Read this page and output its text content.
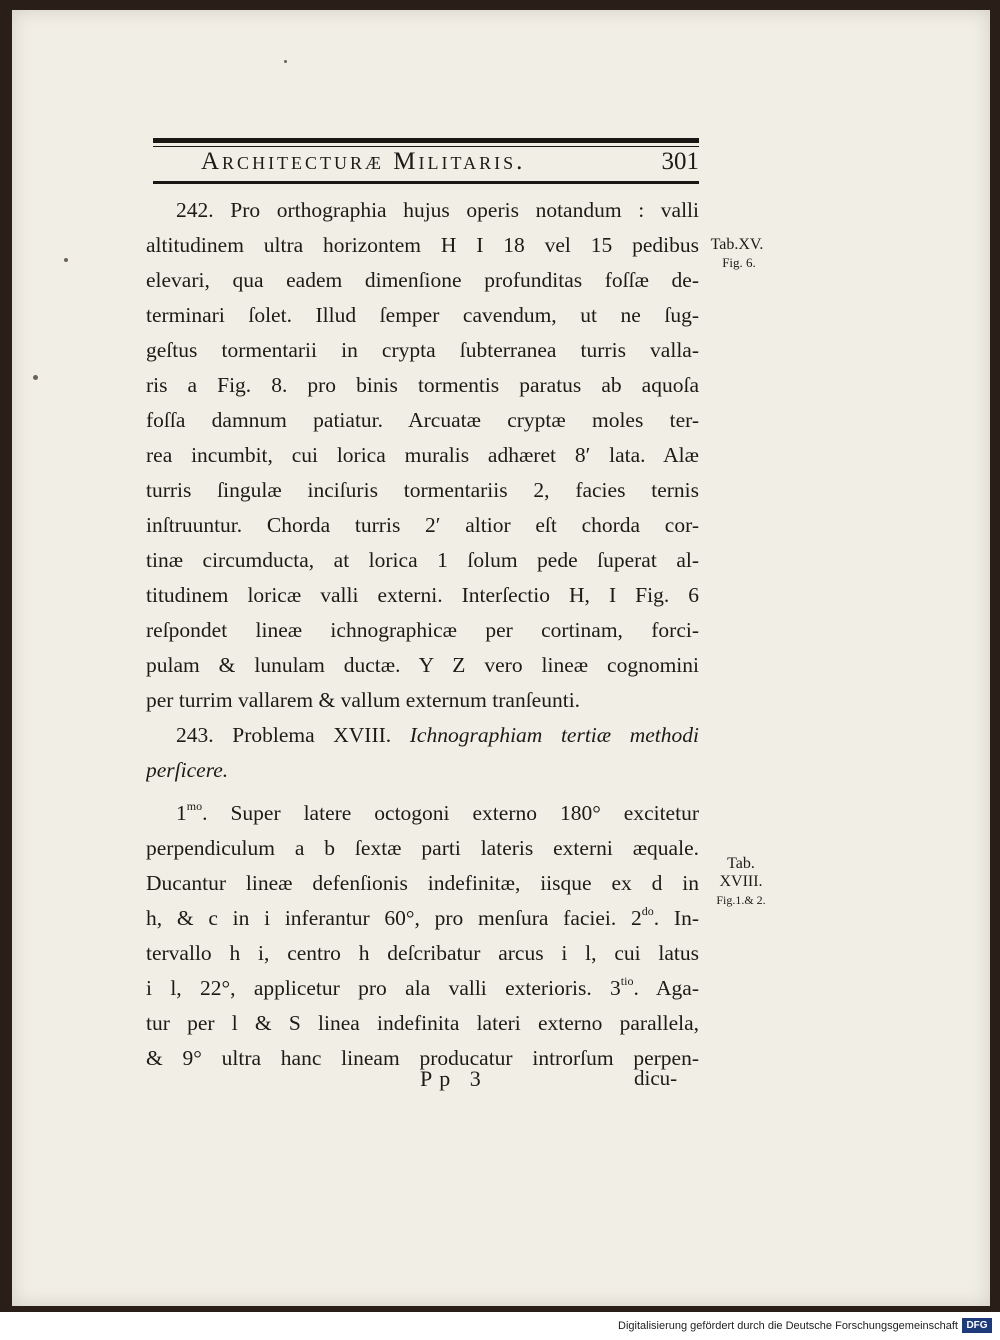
Architecturæ Militaris.	301
242. Pro orthographia hujus operis notandum : valli
altitudinem ultra horizontem H I 18 vel 15 pedibus
elevari, qua eadem dimenſione profunditas foſſæ de-
terminari ſolet. Illud ſemper cavendum, ut ne ſug-
geſtus tormentarii in crypta ſubterranea turris valla-
ris a Fig. 8. pro binis tormentis paratus ab aquoſa
foſſa damnum patiatur. Arcuatæ cryptæ moles ter-
rea incumbit, cui lorica muralis adhæret 8′ lata. Alæ
turris ſingulæ inciſuris tormentariis 2, facies ternis
inſtruuntur. Chorda turris 2′ altior eſt chorda cor-
tinæ circumducta, at lorica 1 ſolum pede ſuperat al-
titudinem loricæ valli externi. Interſectio H, I Fig. 6
reſpondet lineæ ichnographicæ per cortinam, forci-
pulam & lunulam ductæ. Y Z vero lineæ cognomini
per turrim vallarem & vallum externum tranſeunti.
243. Problema XVIII. Ichnographiam tertiæ methodi
perſicere.
$1^{mo}$. Super latere octogoni externo 180° excitetur
perpendiculum a b ſextæ parti lateris externi æquale.
Ducantur lineæ defenſionis indefinitæ, iisque ex d in
h, & c in i inferantur 60°, pro menſura faciei. $2^{do}$. In-
tervallo h i, centro h deſcribatur arcus i l, cui latus
i l, 22°, applicetur pro ala valli exterioris. $3^{tio}$. Aga-
tur per l & S linea indefinita lateri externo parallela,
& 9° ultra hanc lineam producatur introrſum perpen-
Tab.XV.
Fig. 6.
Tab.
XVIII.
Fig.1.& 2.
Pp 3	dicu-
Digitalisierung gefördert durch die Deutsche Forschungsgemeinschaft DFG
